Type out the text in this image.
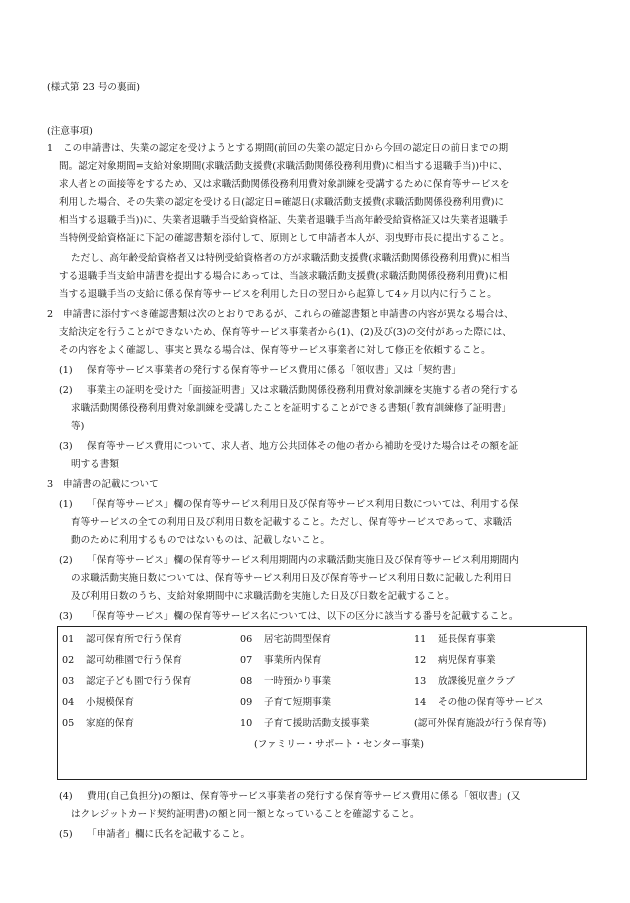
(様式第 23 号の裏面)
(注意事項)
1 この申請書は、失業の認定を受けようとする期間(前回の失業の認定日から今回の認定日の前日までの期
間。認定対象期間=支給対象期間(求職活動支援費(求職活動関係役務利用費)に相当する退職手当))中に、
求人者との面接等をするため、又は求職活動関係役務利用費対象訓練を受講するために保育等サービスを
利用した場合、その失業の認定を受ける日(認定日=確認日(求職活動支援費(求職活動関係役務利用費)に
相当する退職手当))に、失業者退職手当受給資格証、失業者退職手当高年齢受給資格証又は失業者退職手
当特例受給資格証に下記の確認書類を添付して、原則として申請者本人が、羽曳野市長に提出すること。
ただし、高年齢受給資格者又は特例受給資格者の方が求職活動支援費(求職活動関係役務利用費)に相当
する退職手当支給申請書を提出する場合にあっては、当該求職活動支援費(求職活動関係役務利用費)に相
当する退職手当の支給に係る保育等サービスを利用した日の翌日から起算して4ヶ月以内に行うこと。
2 申請書に添付すべき確認書類は次のとおりであるが、これらの確認書類と申請書の内容が異なる場合は、
支給決定を行うことができないため、保育等サービス事業者から(1)、(2)及び(3)の交付があった際には、
その内容をよく確認し、事実と異なる場合は、保育等サービス事業者に対して修正を依頼すること。
(1) 保育等サービス事業者の発行する保育等サービス費用に係る「領収書」又は「契約書」
(2) 事業主の証明を受けた「面接証明書」又は求職活動関係役務利用費対象訓練を実施する者の発行する
求職活動関係役務利用費対象訓練を受講したことを証明することができる書類(「教育訓練修了証明書」
等)
(3) 保育等サービス費用について、求人者、地方公共団体その他の者から補助を受けた場合はその額を証
明する書類
3 申請書の記載について
(1) 「保育等サービス」欄の保育等サービス利用日及び保育等サービス利用日数については、利用する保
育等サービスの全ての利用日及び利用日数を記載すること。ただし、保育等サービスであって、求職活
動のために利用するものではないものは、記載しないこと。
(2) 「保育等サービス」欄の保育等サービス利用期間内の求職活動実施日及び保育等サービス利用期間内
の求職活動実施日数については、保育等サービス利用日及び保育等サービス利用日数に記載した利用日
及び利用日数のうち、支給対象期間中に求職活動を実施した日及び日数を記載すること。
(3) 「保育等サービス」欄の保育等サービス名については、以下の区分に該当する番号を記載すること。
01 認可保育所で行う保育
02 認可幼稚園で行う保育
03 認定子ども園で行う保育
04 小規模保育
05 家庭的保育
06 居宅訪問型保育
07 事業所内保育
08 一時預かり事業
09 子育て短期事業
10 子育て援助活動支援事業
(ファミリー・サポート・センター事業)
11 延長保育事業
12 病児保育事業
13 放課後児童クラブ
14 その他の保育等サービス
(認可外保育施設が行う保育等)
(4) 費用(自己負担分)の額は、保育等サービス事業者の発行する保育等サービス費用に係る「領収書」(又
はクレジットカード契約証明書)の額と同一額となっていることを確認すること。
(5) 「申請者」欄に氏名を記載すること。
